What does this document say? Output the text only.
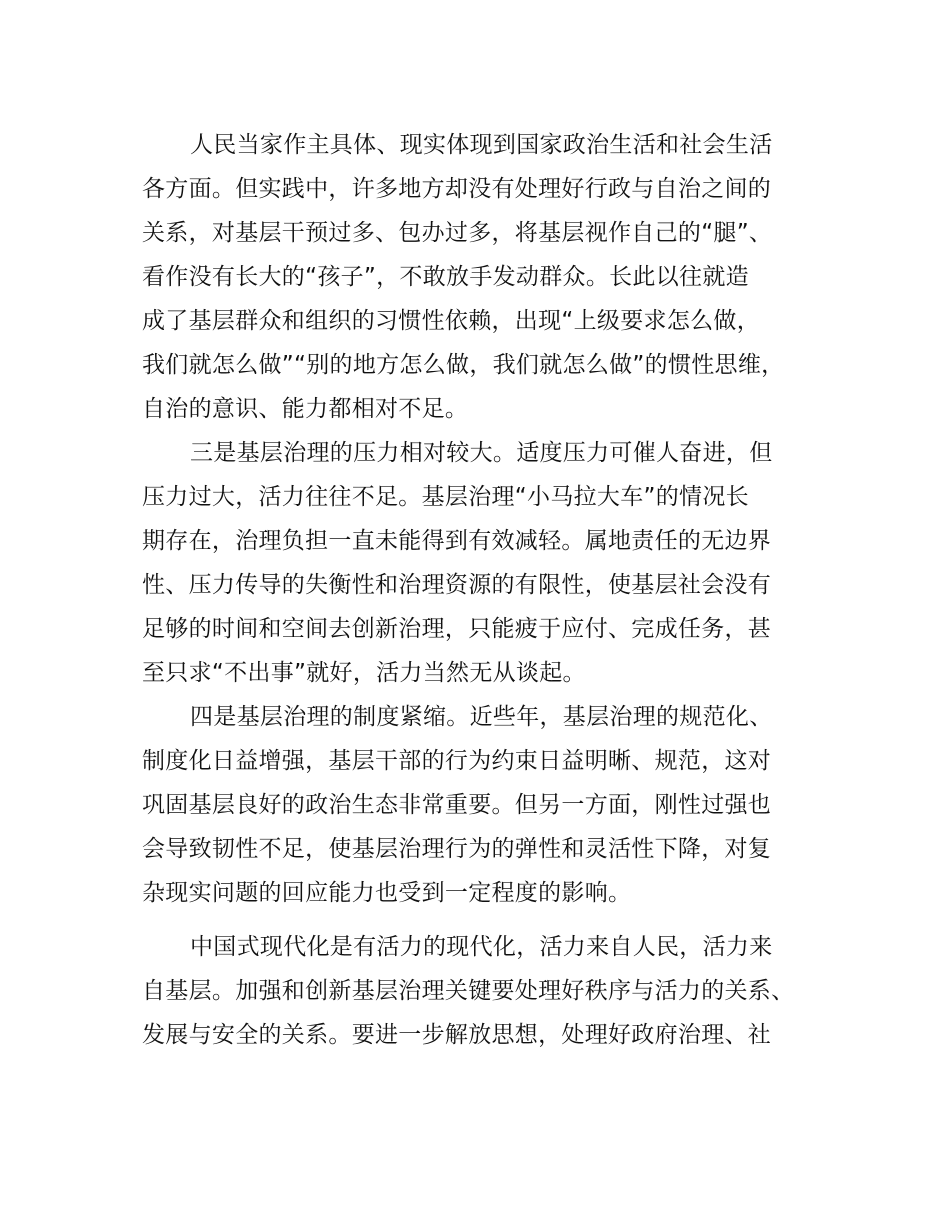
人民当家作主具体、现实体现到国家政治生活和社会生活
各方面。但实践中，许多地方却没有处理好行政与自治之间的
关系，对基层干预过多、包办过多，将基层视作自己的“腿”、
看作没有长大的“孩子”，不敢放手发动群众。长此以往就造
成了基层群众和组织的习惯性依赖，出现“上级要求怎么做，
我们就怎么做”“别的地方怎么做，我们就怎么做”的惯性思维，
自治的意识、能力都相对不足。
三是基层治理的压力相对较大。适度压力可催人奋进，但
压力过大，活力往往不足。基层治理“小马拉大车”的情况长
期存在，治理负担一直未能得到有效减轻。属地责任的无边界
性、压力传导的失衡性和治理资源的有限性，使基层社会没有
足够的时间和空间去创新治理，只能疲于应付、完成任务，甚
至只求“不出事”就好，活力当然无从谈起。
四是基层治理的制度紧缩。近些年，基层治理的规范化、
制度化日益增强，基层干部的行为约束日益明晰、规范，这对
巩固基层良好的政治生态非常重要。但另一方面，刚性过强也
会导致韧性不足，使基层治理行为的弹性和灵活性下降，对复
杂现实问题的回应能力也受到一定程度的影响。
中国式现代化是有活力的现代化，活力来自人民，活力来
自基层。加强和创新基层治理关键要处理好秩序与活力的关系、
发展与安全的关系。要进一步解放思想，处理好政府治理、社
